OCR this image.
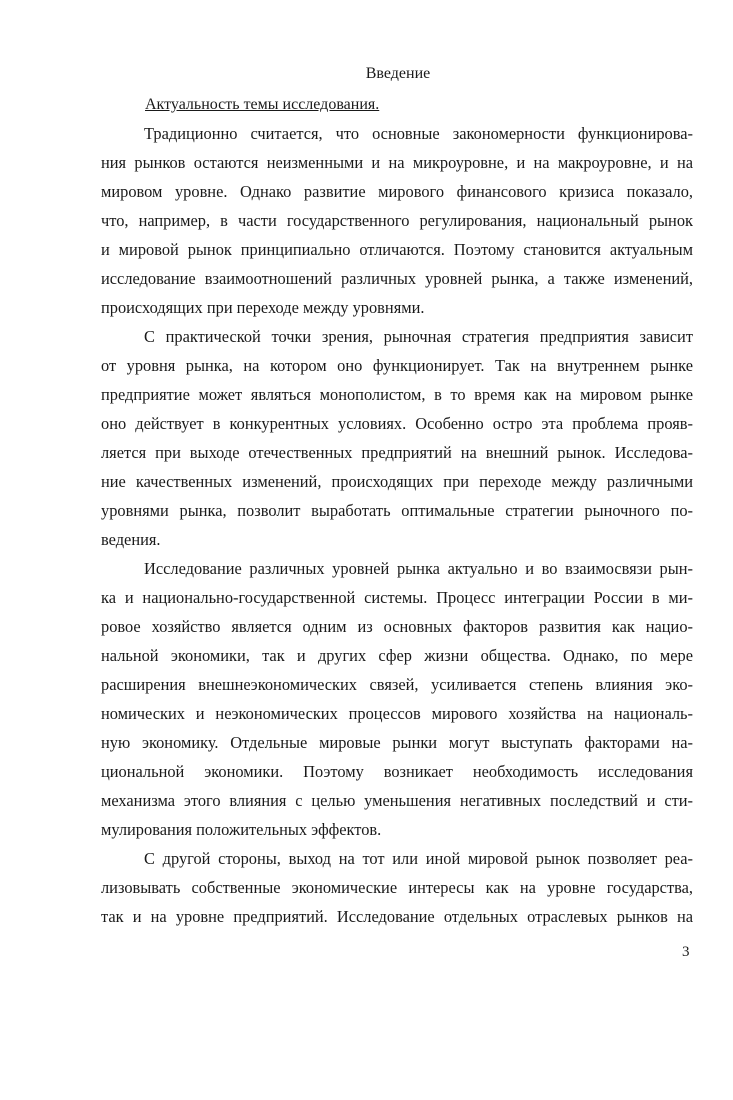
Введение
Актуальность темы исследования.
Традиционно считается, что основные закономерности функционирова-
ния рынков остаются неизменными и на микроуровне, и на макроуровне, и на
мировом уровне. Однако развитие мирового финансового кризиса показало,
что, например, в части государственного регулирования, национальный рынок
и мировой рынок принципиально отличаются. Поэтому становится актуальным
исследование взаимоотношений различных уровней рынка, а также изменений,
происходящих при переходе между уровнями.
С практической точки зрения, рыночная стратегия предприятия зависит
от уровня рынка, на котором оно функционирует. Так на внутреннем рынке
предприятие может являться монополистом, в то время как на мировом рынке
оно действует в конкурентных условиях. Особенно остро эта проблема прояв-
ляется при выходе отечественных предприятий на внешний рынок. Исследова-
ние качественных изменений, происходящих при переходе между различными
уровнями рынка, позволит выработать оптимальные стратегии рыночного по-
ведения.
Исследование различных уровней рынка актуально и во взаимосвязи рын-
ка и национально-государственной системы. Процесс интеграции России в ми-
ровое хозяйство является одним из основных факторов развития как нацио-
нальной экономики, так и других сфер жизни общества. Однако, по мере
расширения внешнеэкономических связей, усиливается степень влияния эко-
номических и неэкономических процессов мирового хозяйства на националь-
ную экономику. Отдельные мировые рынки могут выступать факторами на-
циональной экономики. Поэтому возникает необходимость исследования
механизма этого влияния с целью уменьшения негативных последствий и сти-
мулирования положительных эффектов.
С другой стороны, выход на тот или иной мировой рынок позволяет реа-
лизовывать собственные экономические интересы как на уровне государства,
так и на уровне предприятий. Исследование отдельных отраслевых рынков на
3
